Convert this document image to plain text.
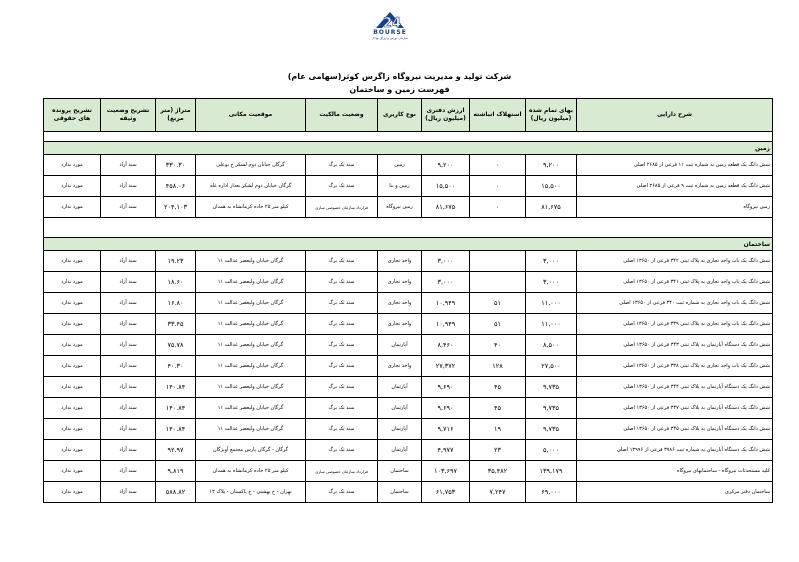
24
BOURSE
سازمان بورس و اوراق بهادار
شرکت تولید و مدیریت نیروگاه زاگرس کوثر(سهامی عام)
فهرست زمین و ساختمان
شرح دارایی	بهای تمام شده (میلیون ریال)	استهلاک انباشته	ارزش دفتری (میلیون ریال)	نوع کاربری	وضعیت مالکیت	موقعیت مکانی	متراژ (متر مربع)	تشریح وضعیت وثیقه	تشریح پرونده های حقوقی

زمین									
شش دانگ یک قطعه زمین به شماره ثبت ۱۱ فرعی از ۲۶۸۵ اصلی	۹,۲۰۰	۰	۹,۲۰۰	زمین	سند تک برگ	گرگان خیابان دوم لشکر خ بوعلی	۳۳۰.۳۰	سند آزاد	مورد ندارد
شش دانگ یک قطعه زمین به شماره ثبت ۹ فرعی از ۲۶۸۵ اصلی	۱۵,۵۰۰	۰	۱۵,۵۰۰	زمین و بنا	سند تک برگ	گرگان خیابان دوم لشکر بعداز اداره غله	۴۵۸.۰۶	سند آزاد	مورد ندارد
زمین نیروگاه	۸۱,۶۷۵	۰	۸۱,۶۷۵	زمین نیروگاه	قرارداد سازمان خصوصی سازی	کیلو متر ۲۵ جاده کرمانشاه به همدان	۲۰۴,۱۰۳	سند آزاد	مورد ندارد

ساختمان									
شش دانگ یک باب واحد تجاری به پلاک ثبتی ۳۴۲ فرعی از ۱۳۶۵۰ اصلی	۳,۰۰۰		۳,۰۰۰	واحد تجاری	سند تک برگ	گرگان خیابان ولیعصر عدالت ۱۱	۱۹.۲۳	سند آزاد	مورد ندارد
شش دانگ یک باب واحد تجاری به پلاک ثبتی ۳۴۱ فرعی از ۱۳۶۵۰ اصلی	۳,۰۰۰		۳,۰۰۰	واحد تجاری	سند تک برگ	گرگان خیابان ولیعصر عدالت ۱۱	۱۸.۶۰	سند آزاد	مورد ندارد
شش دانگ یک باب واحد تجاری به شماره ثبت ۳۴۰ فرعی از ۱۳۶۵۰ اصلی	۱۱,۰۰۰	۵۱	۱۰,۹۴۹	واحد تجاری	سند تک برگ	گرگان خیابان ولیعصر عدالت ۱۱	۱۶.۸۰	سند آزاد	مورد ندارد
شش دانگ یک باب واحد تجاری به پلاک ثبتی ۳۳۹ فرعی از ۱۳۶۵۰ اصلی	۱۱,۰۰۰	۵۱	۱۰,۹۴۹	واحد تجاری	سند تک برگ	گرگان خیابان ولیعصر عدالت ۱۱	۳۳.۴۵	سند آزاد	مورد ندارد
شش دانگ یک دستگاه آپارتمان به پلاک ثبتی ۳۴۳ فرعی از ۱۳۶۵۰ اصلی	۸,۵۰۰	۴۰	۸,۴۶۰	آپارتمان	سند تک برگ	گرگان خیابان ولیعصر عدالت ۱۱	۷۵.۷۸	سند آزاد	مورد ندارد
شش دانگ یک باب واحد تجاری به پلاک ثبتی ۳۳۸ فرعی از ۱۳۶۵۰ اصلی	۲۷,۵۰۰	۱۲۸	۲۷,۳۷۲	واحد تجاری	سند تک برگ	گرگان خیابان ولیعصر عدالت ۱۱	۴۰.۳۰	سند آزاد	مورد ندارد
شش دانگ یک دستگاه آپارتمان به پلاک ثبتی ۳۴۴ فرعی از ۱۳۶۵۰ اصلی	۹,۷۳۵	۴۵	۹,۶۹۰	آپارتمان	سند تک برگ	گرگان خیابان ولیعصر عدالت ۱۱	۱۴۰.۸۴	سند آزاد	مورد ندارد
شش دانگ یک دستگاه آپارتمان به پلاک ثبتی ۳۴۷ فرعی از ۱۳۶۵۰ اصلی	۹,۷۳۵	۴۵	۹,۶۹۰	آپارتمان	سند تک برگ	گرگان خیابان ولیعصر عدالت ۱۱	۱۴۰.۸۴	سند آزاد	مورد ندارد
شش دانگ یک دستگاه آپارتمان به پلاک ثبتی ۳۴۵ فرعی از ۱۳۶۵۰ اصلی	۹,۷۳۵	۱۹	۹,۷۱۶	آپارتمان	سند تک برگ	گرگان خیابان ولیعصر عدالت ۱۱	۱۴۰.۸۴	سند آزاد	مورد ندارد
شش دانگ یک دستگاه آپارتمان به شماره ثبت ۳۷۸۶ فرعی از ۱۳۹۹۶ اصلی	۵,۰۰۰	۲۳	۴,۹۷۷	آپارتمان	سند تک برگ	گرگان - گرگان پارس مجتمع آویژگان	۹۲.۹۷	سند آزاد	مورد ندارد
کلیه مستحدثات نیروگاه - ساختمانهای نیروگاه	۱۳۹,۱۷۹	۳۵,۴۸۲	۱۰۳,۶۹۷	ساختمان	قرارداد سازمان خصوصی سازی	کیلو متر ۲۵ جاده کرمانشاه به همدان	۹,۸۱۹	سند آزاد	مورد ندارد
ساختمان دفتر مرکزی	۶۹,۰۰۰	۷,۲۴۷	۶۱,۷۵۳	ساختمان	سند تک برگ	تهران - خ بهشتی - خ پاکستان - پلاک ۱۲	۵۸۸.۸۲	سند آزاد	مورد ندارد
